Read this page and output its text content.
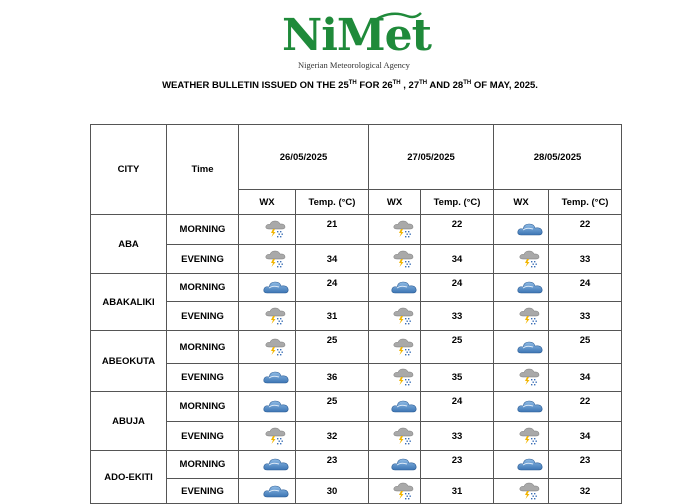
NiMet
Nigerian Meteorological Agency
WEATHER BULLETIN ISSUED ON THE 25TH FOR 26TH , 27TH AND 28TH OF MAY, 2025.
CITY	Time	26/05/2025		27/05/2025		28/05/2025	
		WX	Temp. (°C)	WX	Temp. (°C)	WX	Temp. (°C)
ABA	MORNING		21		22		22
	EVENING		34		34		33
ABAKALIKI	MORNING		24		24		24
	EVENING		31		33		33
ABEOKUTA	MORNING		25		25		25
	EVENING		36		35		34
ABUJA	MORNING		25		24		22
	EVENING		32		33		34
ADO-EKITI	MORNING		23		23		23
	EVENING		30		31		32
